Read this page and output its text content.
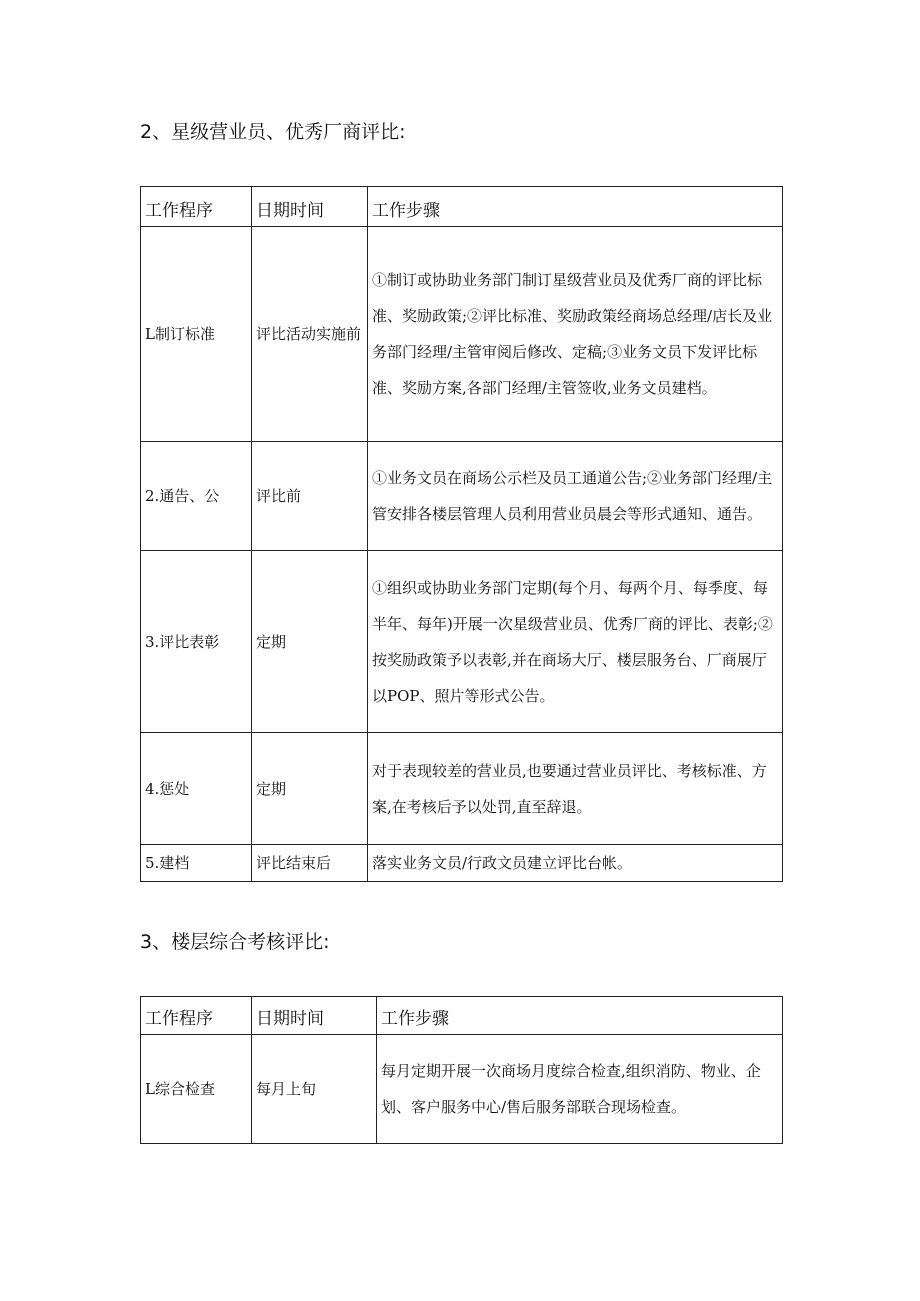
2、星级营业员、优秀厂商评比:
工作程序	日期时间	工作步骤
L制订标准	评比活动实施前	①制订或协助业务部门制订星级营业员及优秀厂商的评比标准、奖励政策;②评比标准、奖励政策经商场总经理/店长及业务部门经理/主管审阅后修改、定稿;③业务文员下发评比标准、奖励方案,各部门经理/主管签收,业务文员建档。
2.通告、公	评比前	①业务文员在商场公示栏及员工通道公告;②业务部门经理/主管安排各楼层管理人员利用营业员晨会等形式通知、通告。
3.评比表彰	定期	①组织或协助业务部门定期(每个月、每两个月、每季度、每半年、每年)开展一次星级营业员、优秀厂商的评比、表彰;②按奖励政策予以表彰,并在商场大厅、楼层服务台、厂商展厅以POP、照片等形式公告。
4.惩处	定期	对于表现较差的营业员,也要通过营业员评比、考核标准、方案,在考核后予以处罚,直至辞退。
5.建档	评比结束后	落实业务文员/行政文员建立评比台帐。
3、楼层综合考核评比:
工作程序	日期时间	工作步骤
L综合检查	每月上旬	每月定期开展一次商场月度综合检查,组织消防、物业、企划、客户服务中心/售后服务部联合现场检查。
